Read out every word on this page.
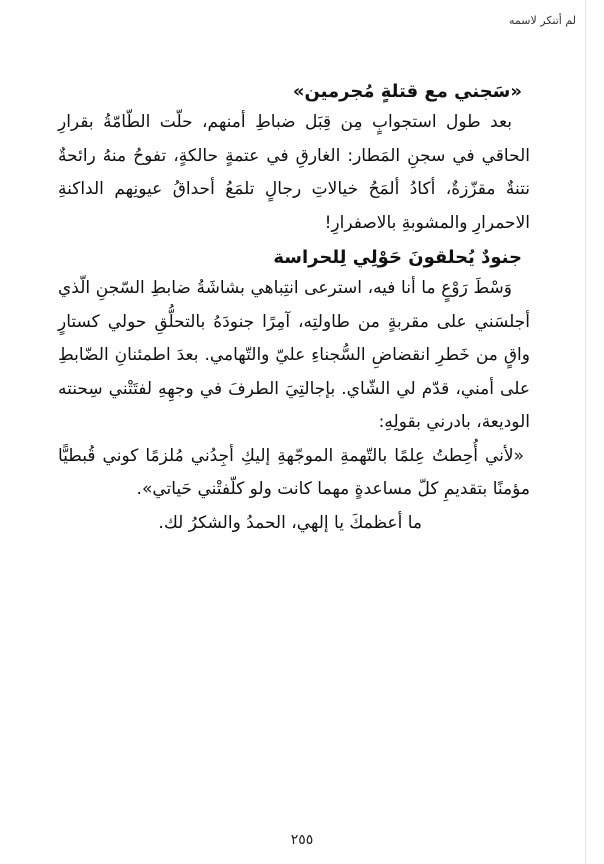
لم أتنكر لاسمه
«سَجني مع قتلةٍ مُجرمين»

بعد طول استجوابٍ مِن قِبَل ضباطِ أمنهم، حلّت الطّامّةُ بقرارِ الحاقي في سجنِ المَطار: الغارقِ في عتمةٍ حالكةٍ، تفوحُ منهُ رائحةٌ نتنةٌ مقزّزةٌ، أكادُ ألمَحُ خيالاتِ رجالٍ تلمَعُ أحداقُ عيونِهم الداكنةِ الاحمرارِ والمشوبةِ بالاصفرارِ!

جنودٌ يُحلقونَ حَوْلِي لِلحراسة

وَسْطَ رَوْعٍ ما أنا فيه، استرعى انتِباهي بشاشَةُ ضابطِ السّجنِ الّذي أجلسَني على مقربةٍ من طاولتِه، آمِرًا جنودَهُ بالتحلُّقِ حولي كستارٍ واقٍ من خَطرِ انقضاضِ السُّجناءِ عليّ والتّهامي. بعدَ اطمئنانِ الضّابطِ على أمني، قدّم لي الشّاي. بإجالتِيَ الطرفَ في وجهِهِ لفتَتْني سِحنته الوديعة، بادرني بقولِهِ:

«لأني أُحِطتُ عِلمًا بالتّهمةِ الموجّهةِ إليكِ أجِدُني مُلزمًا كوني قُبطيًّا مؤمنًا بتقديمِ كلّ مساعدةٍ مهما كانت ولو كلّفتْني حَياتي».

ما أعظمكَ يا إلهي، الحمدُ والشكرُ لك.

٢٥٥
